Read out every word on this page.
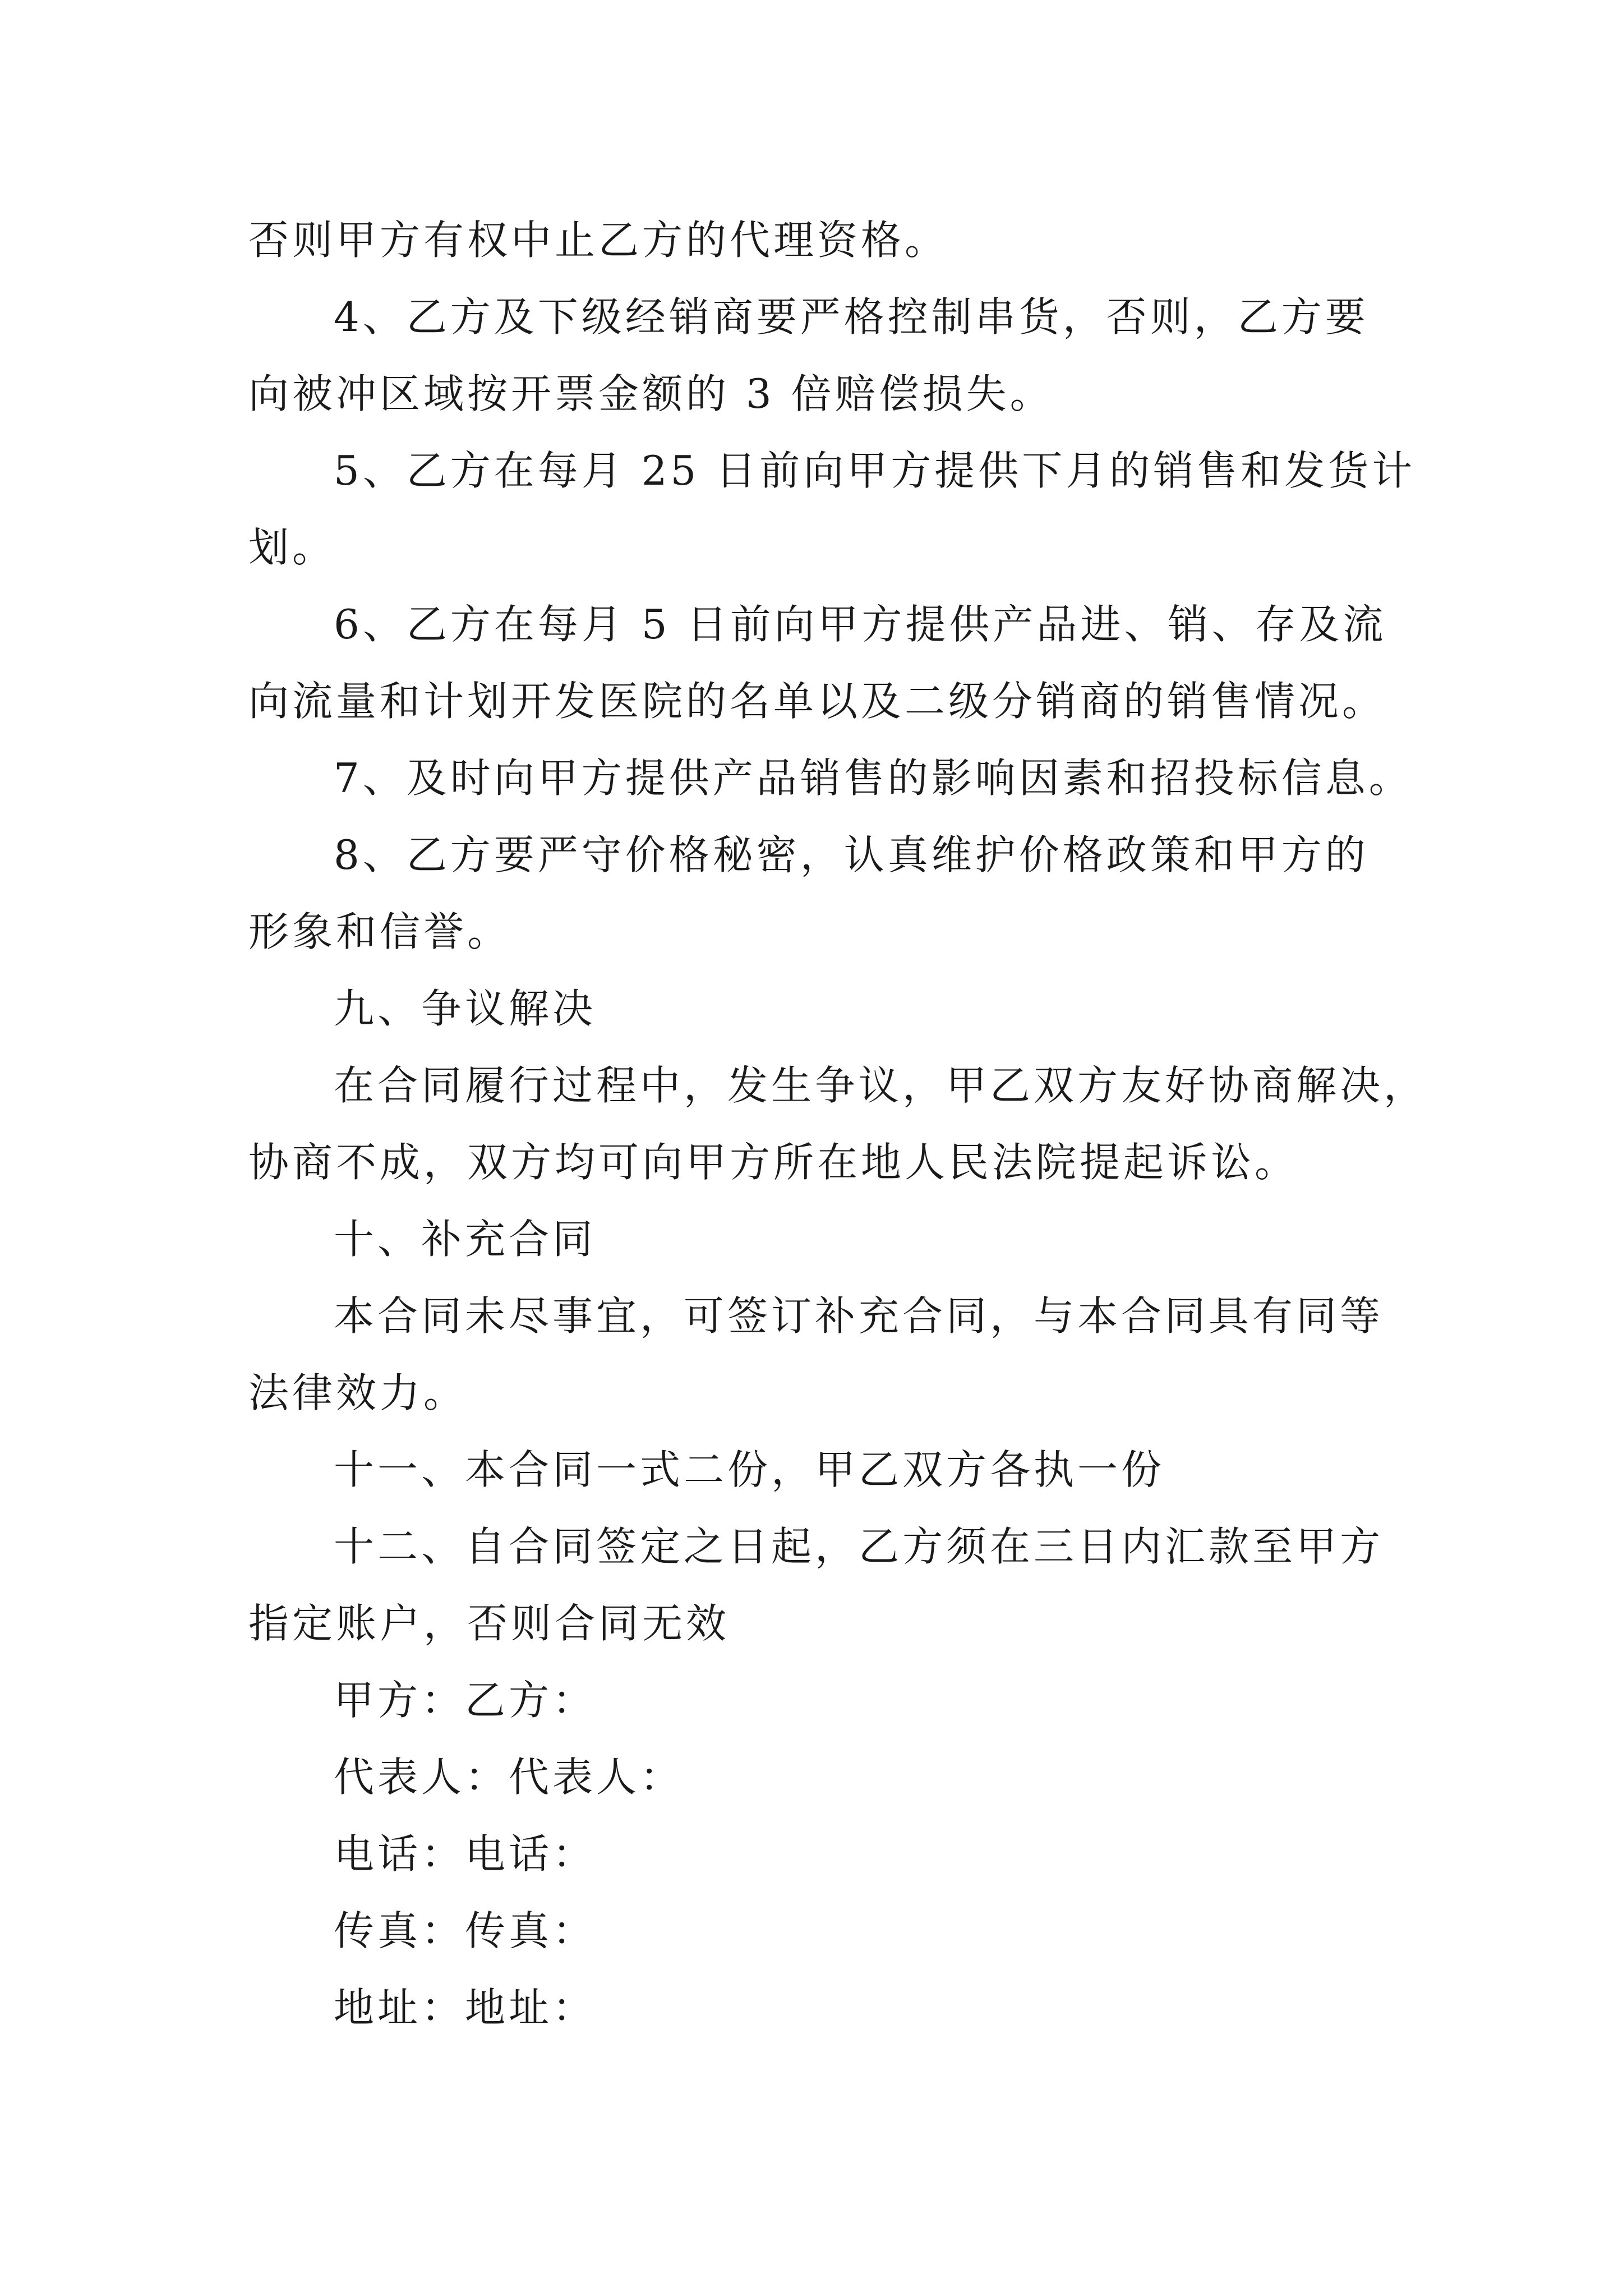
否则甲方有权中止乙方的代理资格。
4、乙方及下级经销商要严格控制串货，否则，乙方要
向被冲区域按开票金额的 3 倍赔偿损失。
5、乙方在每月 25 日前向甲方提供下月的销售和发货计
划。
6、乙方在每月 5 日前向甲方提供产品进、销、存及流
向流量和计划开发医院的名单以及二级分销商的销售情况。
7、及时向甲方提供产品销售的影响因素和招投标信息。
8、乙方要严守价格秘密，认真维护价格政策和甲方的
形象和信誉。
九、争议解决
在合同履行过程中，发生争议，甲乙双方友好协商解决，
协商不成，双方均可向甲方所在地人民法院提起诉讼。
十、补充合同
本合同未尽事宜，可签订补充合同，与本合同具有同等
法律效力。
十一、本合同一式二份，甲乙双方各执一份
十二、自合同签定之日起，乙方须在三日内汇款至甲方
指定账户，否则合同无效
甲方：乙方：
代表人：代表人：
电话：电话：
传真：传真：
地址：地址：
